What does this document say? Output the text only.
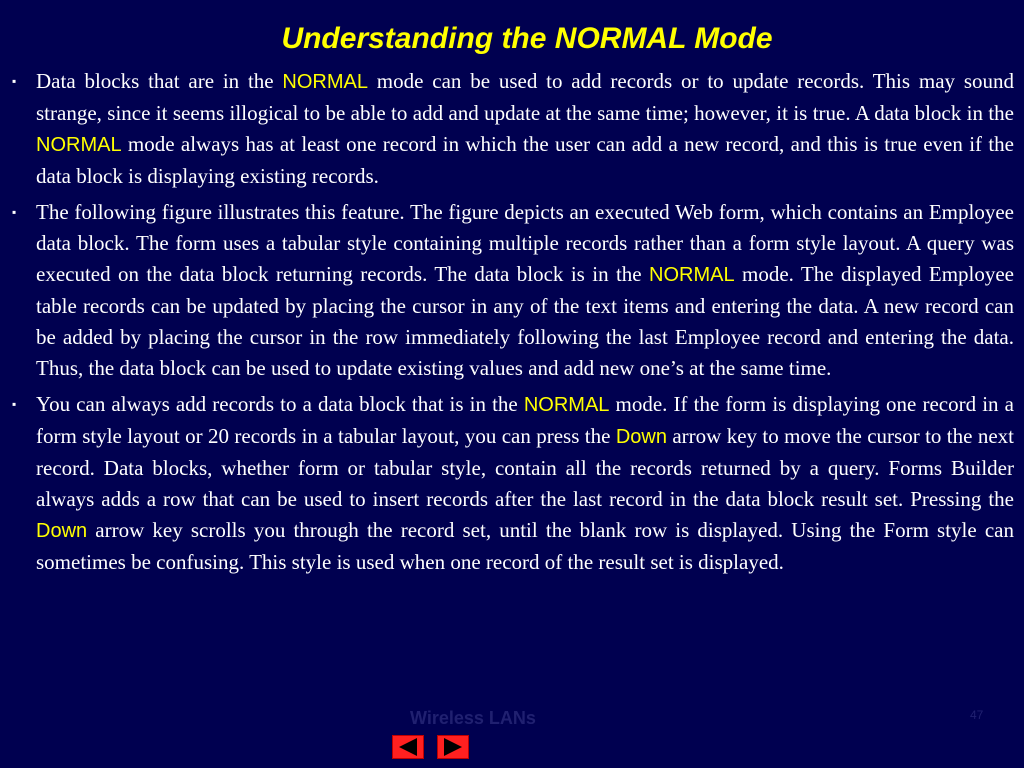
Understanding the NORMAL Mode
▪ Data blocks that are in the NORMAL mode can be used to add records or to update records. This may sound strange, since it seems illogical to be able to add and update at the same time; however, it is true. A data block in the NORMAL mode always has at least one record in which the user can add a new record, and this is true even if the data block is displaying existing records.
▪ The following figure illustrates this feature. The figure depicts an executed Web form, which contains an Employee data block. The form uses a tabular style containing multiple records rather than a form style layout. A query was executed on the data block returning records. The data block is in the NORMAL mode. The displayed Employee table records can be updated by placing the cursor in any of the text items and entering the data. A new record can be added by placing the cursor in the row immediately following the last Employee record and entering the data. Thus, the data block can be used to update existing values and add new one’s at the same time.
▪ You can always add records to a data block that is in the NORMAL mode. If the form is displaying one record in a form style layout or 20 records in a tabular layout, you can press the Down arrow key to move the cursor to the next record. Data blocks, whether form or tabular style, contain all the records returned by a query. Forms Builder always adds a row that can be used to insert records after the last record in the data block result set. Pressing the Down arrow key scrolls you through the record set, until the blank row is displayed. Using the Form style can sometimes be confusing. This style is used when one record of the result set is displayed.
Wireless LANs	47
